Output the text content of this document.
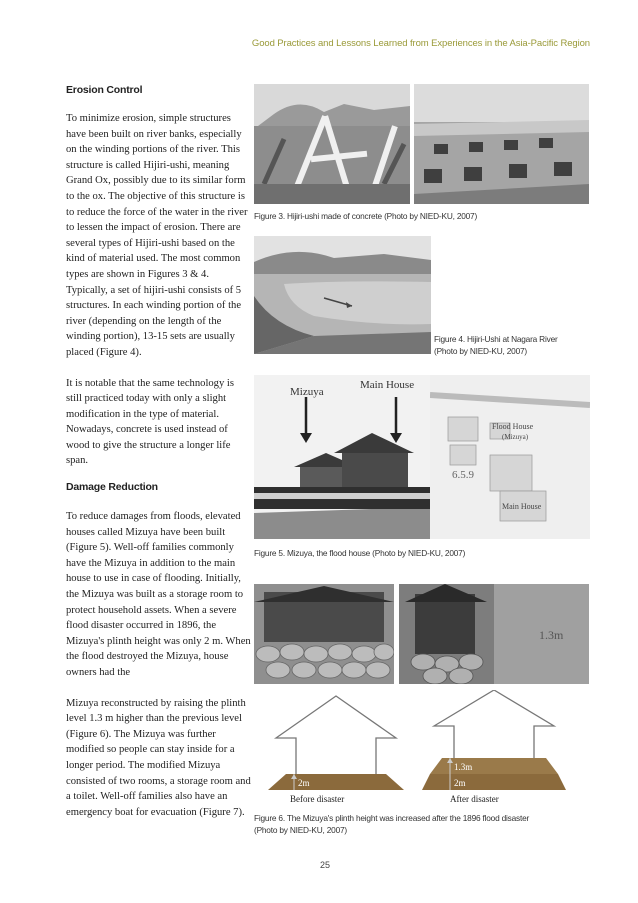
Good Practices and Lessons Learned from Experiences in the Asia-Pacific Region
Erosion Control

To minimize erosion, simple structures have been built on river banks, especially on the winding portions of the river. This structure is called Hijiri-ushi, meaning Grand Ox, possibly due to its similar form to the ox. The objective of this structure is to reduce the force of the water in the river to lessen the impact of erosion. There are several types of Hijiri-ushi based on the kind of material used. The most common types are shown in Figures 3 & 4. Typically, a set of hijiri-ushi consists of 5 structures. In each winding portion of the river (depending on the length of the winding portion), 13-15 sets are usually placed (Figure 4).

It is notable that the same technology is still practiced today with only a slight modification in the type of material. Nowadays, concrete is used instead of wood to give the structure a longer life span.

Damage Reduction

To reduce damages from floods, elevated houses called Mizuya have been built (Figure 5). Well-off families commonly have the Mizuya in addition to the main house to use in case of flooding. Initially, the Mizuya was built as a storage room to protect household assets. When a severe flood disaster occurred in 1896, the Mizuya's plinth height was only 2 m. When the flood destroyed the Mizuya, house owners had the

Mizuya reconstructed by raising the plinth level 1.3 m higher than the previous level (Figure 6). The Mizuya was further modified so people can stay inside for a longer period. The modified Mizuya consisted of two rooms, a storage room and a toilet. Well-off families also have an emergency boat for evacuation (Figure 7).

Figure 3. Hijiri-ushi made of concrete (Photo by NIED-KU, 2007)
Figure 4. Hijiri-Ushi at Nagara River
(Photo by NIED-KU, 2007)
Mizuya
Main House
Flood House
(Mizuya)
6.5.9
Main House
Figure 5. Mizuya, the flood house (Photo by NIED-KU, 2007)
1.3m
2m
Before disaster
1.3m
2m
After disaster
Figure 6. The Mizuya's plinth height was increased after the 1896 flood disaster
(Photo by NIED-KU, 2007)
25
